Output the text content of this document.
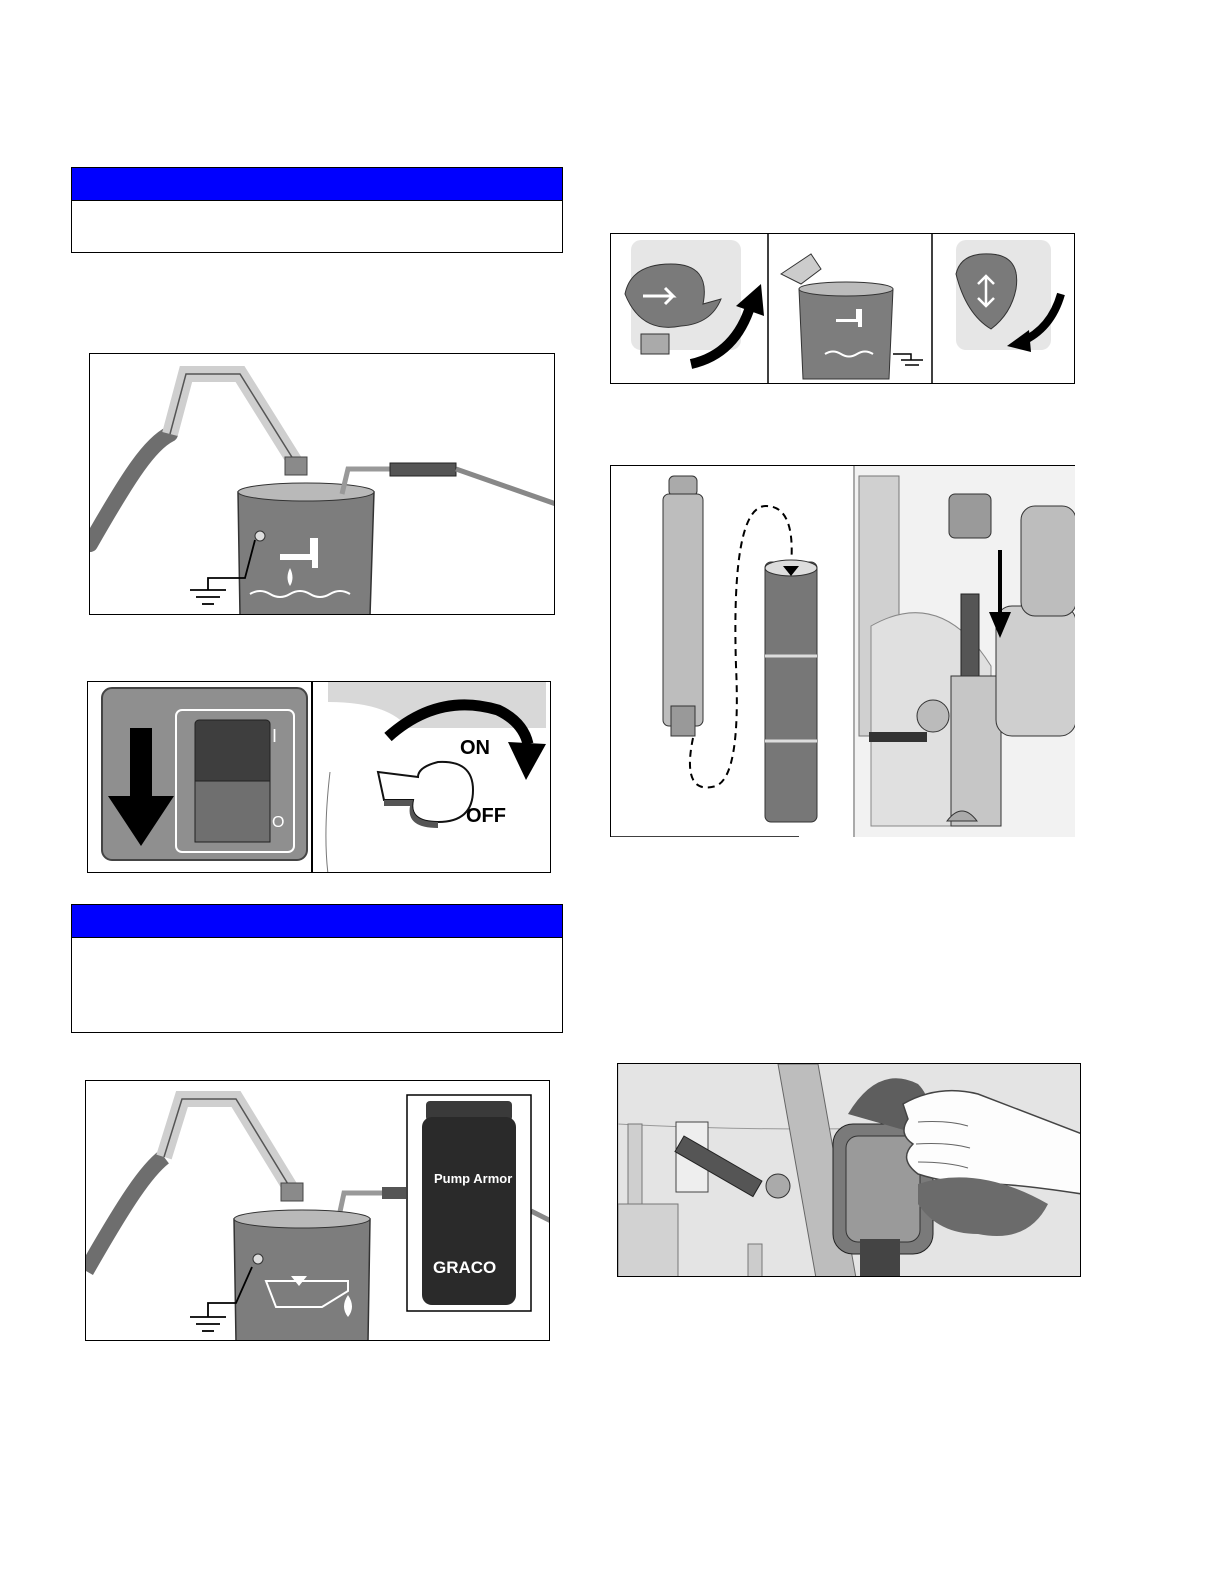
I
O
ON
OFF
Pump Armor
GRACO
